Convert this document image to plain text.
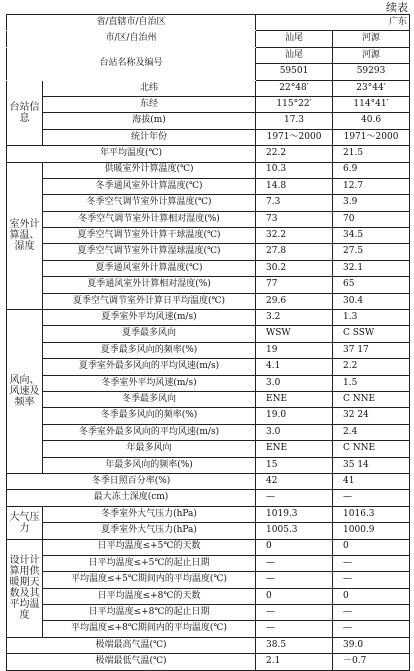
续表
省/直辖市/自治区		广东	
市/区/自治州		汕尾	河源
台站名称及编号		汕尾	河源
		59501	59293
台站信息	北纬	22°48′	23°44′
	东经	115°22′	114°41′
	海拔(m)	17.3	40.6
	统计年份	1971～2000	1971～2000
年平均温度(℃)		22.2	21.5
室外计算温、湿度	供暖室外计算温度(℃)	10.3	6.9
	冬季通风室外计算温度(℃)	14.8	12.7
	冬季空气调节室外计算温度(℃)	7.3	3.9
	冬季空气调节室外计算相对湿度(%)	73	70
	夏季空气调节室外计算干球温度(℃)	32.2	34.5
	夏季空气调节室外计算湿球温度(℃)	27.8	27.5
	夏季通风室外计算温度(℃)	30.2	32.1
	夏季通风室外计算相对湿度(%)	77	65
	夏季空气调节室外计算日平均温度(℃)	29.6	30.4
风向、风速及频率	夏季室外平均风速(m/s)	3.2	1.3
	夏季最多风向	WSW	C SSW
	夏季最多风向的频率(%)	19	37 17
	夏季室外最多风向的平均风速(m/s)	4.1	2.2
	冬季室外平均风速(m/s)	3.0	1.5
	冬季最多风向	ENE	C NNE
	冬季最多风向的频率(%)	19.0	32 24
	冬季室外最多风向的平均风速(m/s)	3.0	2.4
	年最多风向	ENE	C NNE
	年最多风向的频率(%)	15	35 14
冬季日照百分率(%)		42	41
最大冻土深度(cm)		—	—
大气压力	冬季室外大气压力(hPa)	1019.3	1016.3
	夏季室外大气压力(hPa)	1005.3	1000.9
设计计算用供暖期天数及其平均温度	日平均温度≤+5℃的天数	0	0
	日平均温度≤+5℃的起止日期	—	—
	平均温度≤+5℃期间内的平均温度(℃)	—	—
	日平均温度≤+8℃的天数	0	0
	日平均温度≤+8℃的起止日期	—	—
	平均温度≤+8℃期间内的平均温度(℃)	—	—
极端最高气温(℃)		38.5	39.0
极端最低气温(℃)		2.1	－0.7
